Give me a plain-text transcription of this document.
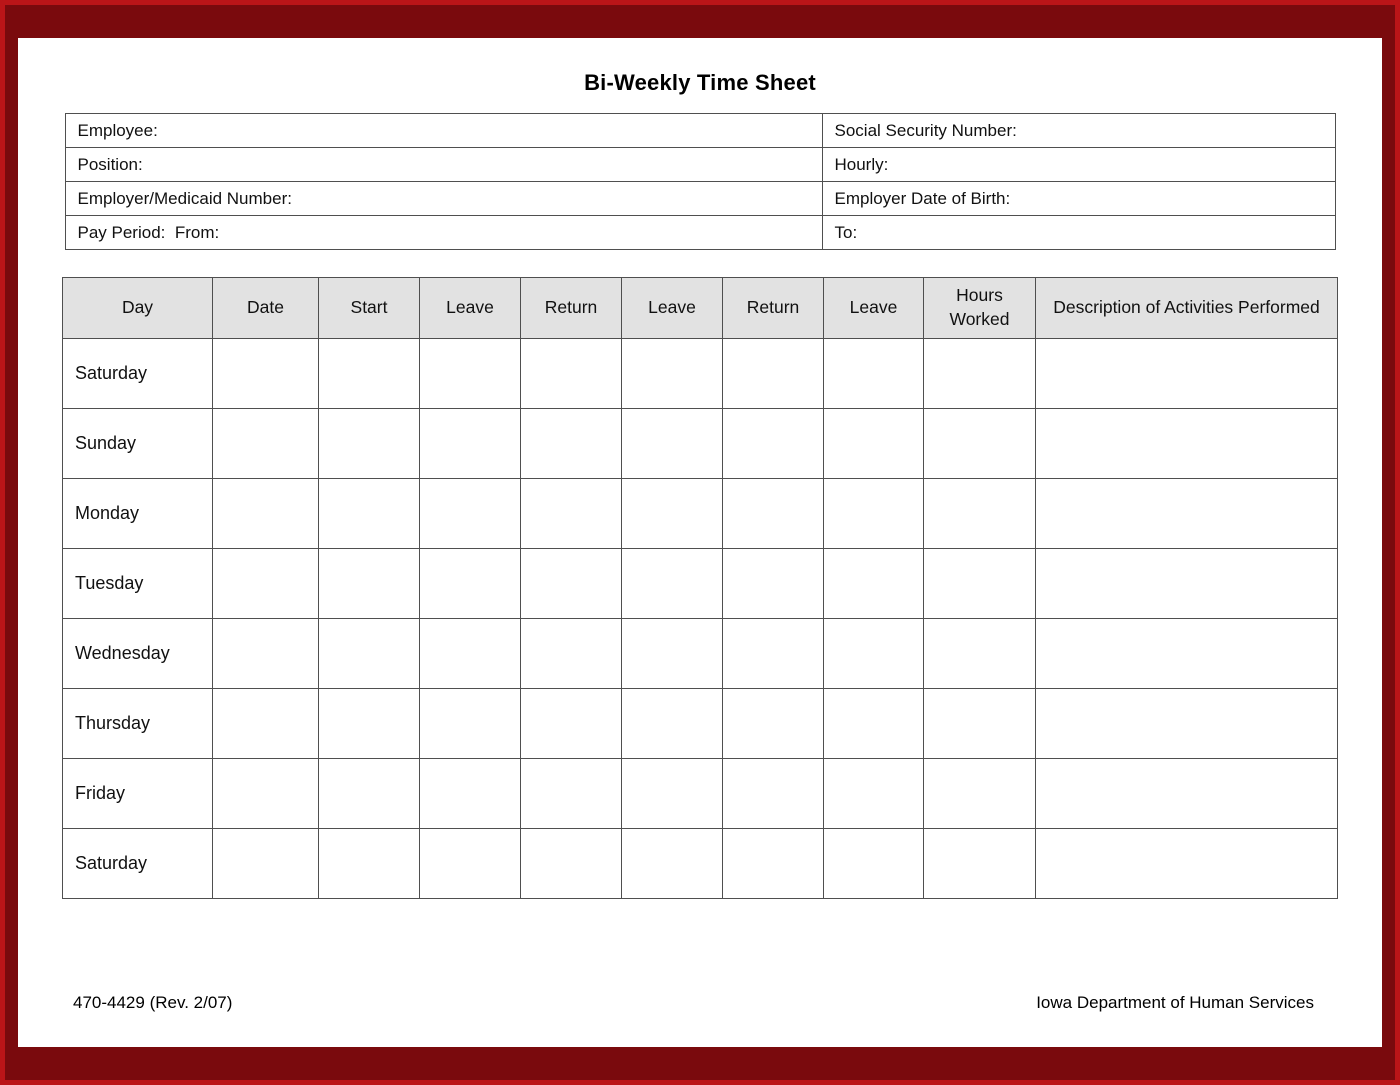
Bi-Weekly Time Sheet
Employee:	Social Security Number:
Position:	Hourly:
Employer/Medicaid Number:	Employer Date of Birth:
Pay Period:  From:	To:
Day	Date	Start	Leave	Return	Leave	Return	Leave	Hours Worked	Description of Activities Performed
Saturday									
Sunday									
Monday									
Tuesday									
Wednesday									
Thursday									
Friday									
Saturday									
470-4429 (Rev. 2/07)	Iowa Department of Human Services
